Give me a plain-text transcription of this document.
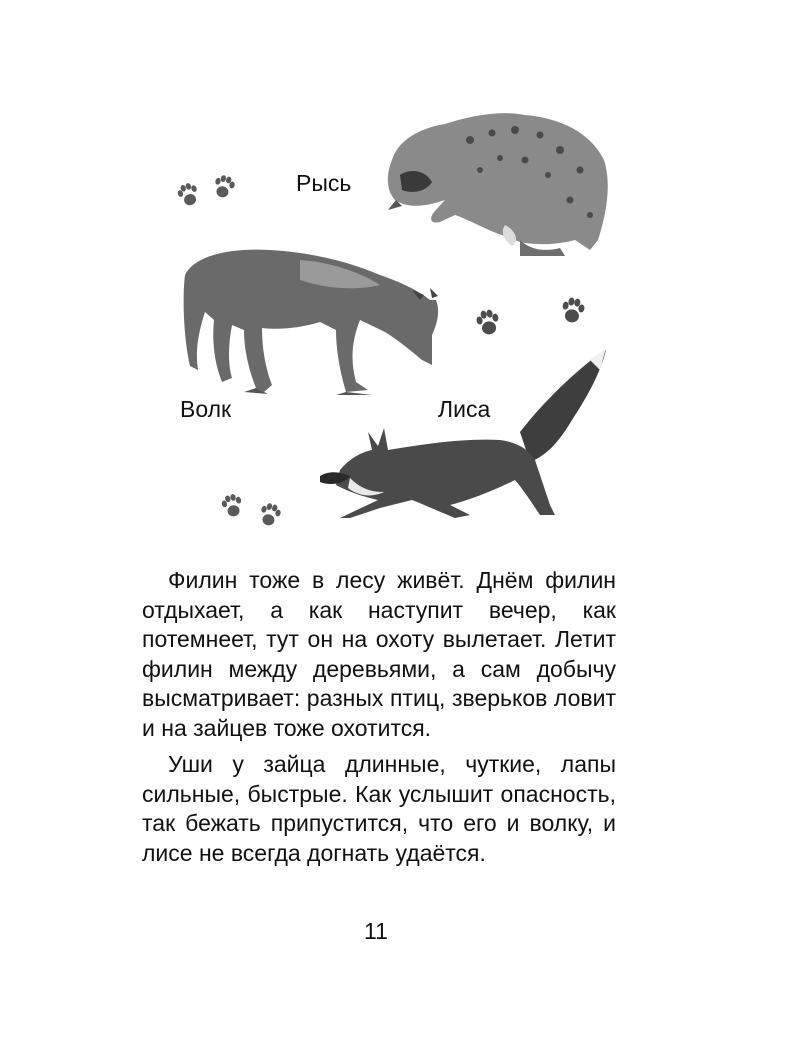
Рысь
Волк	Лиса

Филин тоже в лесу живёт. Днём филин отдыхает, а как наступит вечер, как потемнеет, тут он на охоту вылетает. Летит филин между деревьями, а сам добычу высматривает: разных птиц, зверьков ловит и на зайцев тоже охотится.

Уши у зайца длинные, чуткие, лапы сильные, быстрые. Как услышит опасность, так бежать припустится, что его и волку, и лисе не всегда догнать удаётся.

11
